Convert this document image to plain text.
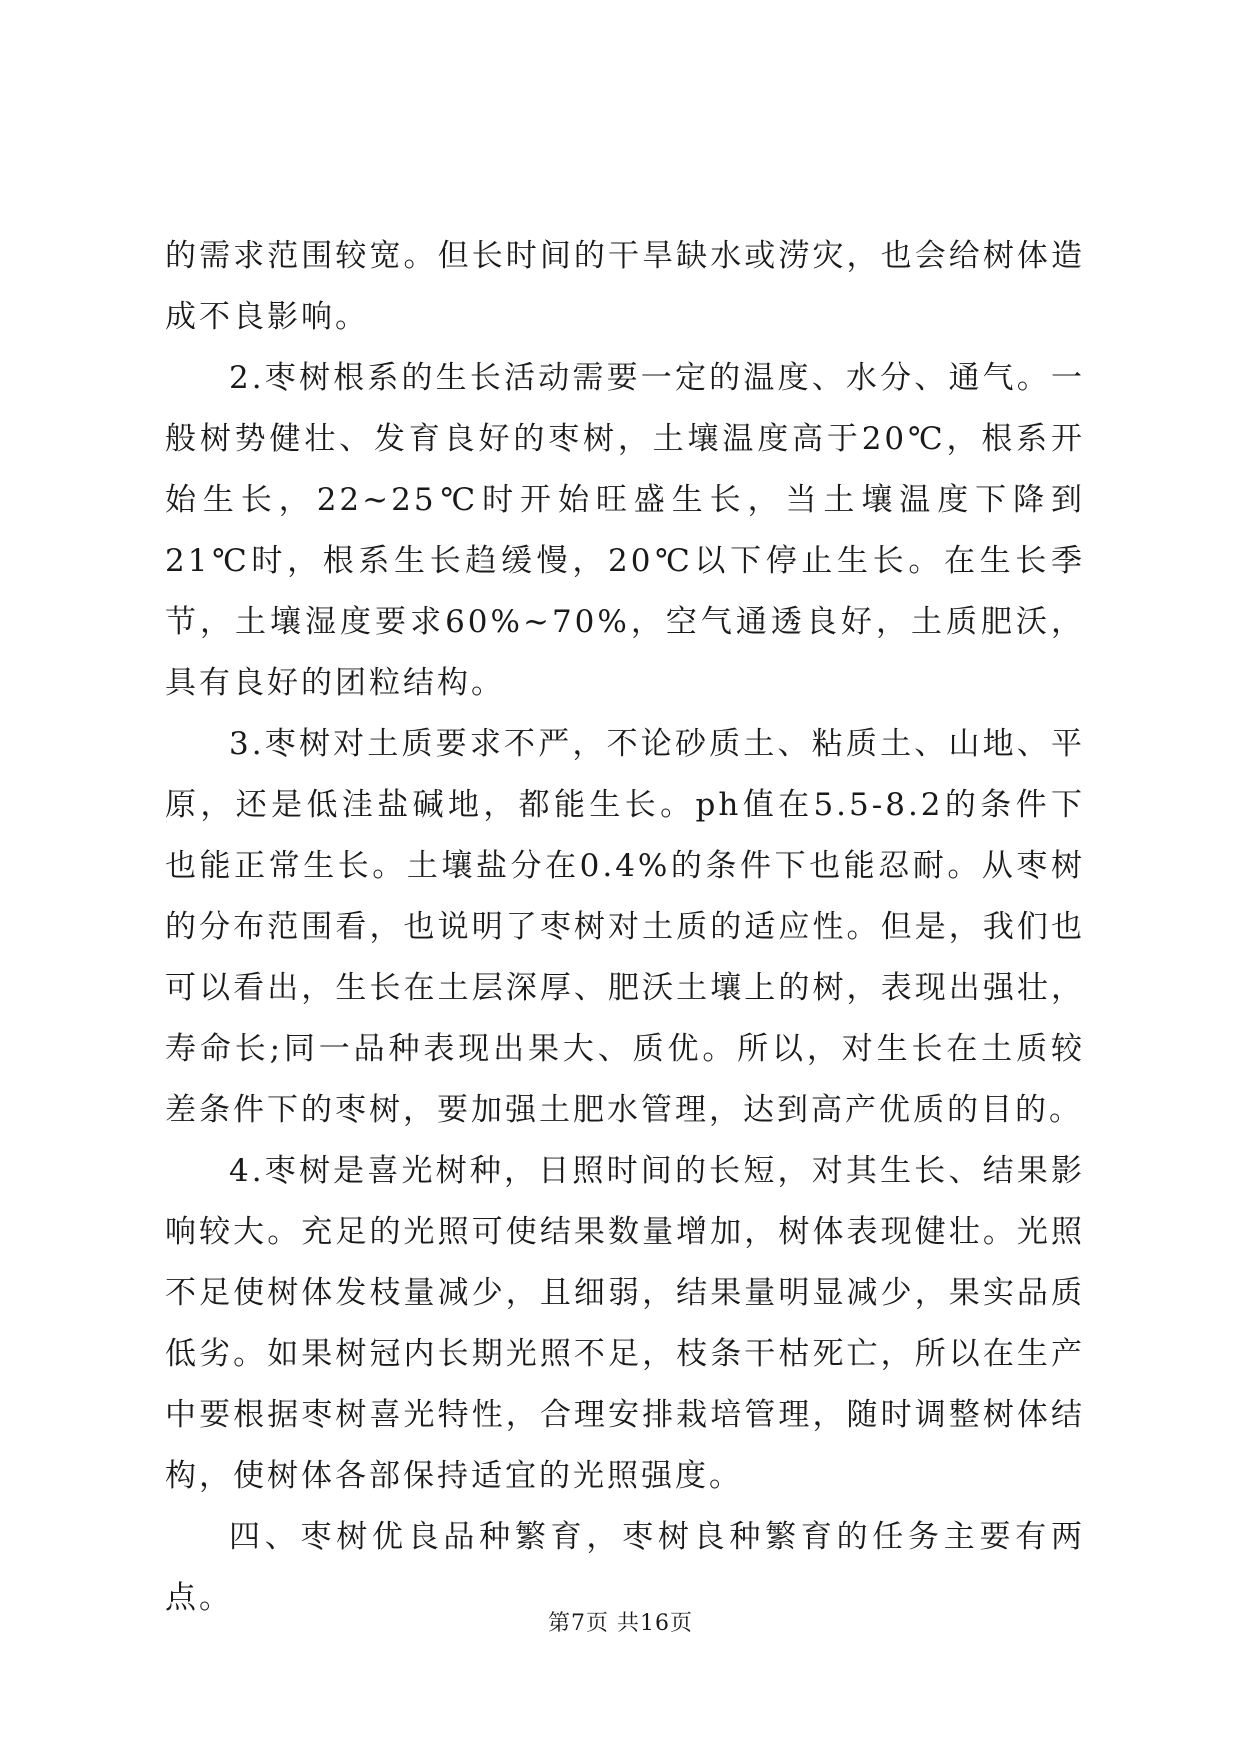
的需求范围较宽。但长时间的干旱缺水或涝灾，也会给树体造成不良影响。

2.枣树根系的生长活动需要一定的温度、水分、通气。一般树势健壮、发育良好的枣树，土壤温度高于20℃，根系开始生长，22~25℃时开始旺盛生长，当土壤温度下降到21℃时，根系生长趋缓慢，20℃以下停止生长。在生长季节，土壤湿度要求60%~70%，空气通透良好，土质肥沃，具有良好的团粒结构。

3.枣树对土质要求不严，不论砂质土、粘质土、山地、平原，还是低洼盐碱地，都能生长。ph值在5.5-8.2的条件下也能正常生长。土壤盐分在0.4%的条件下也能忍耐。从枣树的分布范围看，也说明了枣树对土质的适应性。但是，我们也可以看出，生长在土层深厚、肥沃土壤上的树，表现出强壮，寿命长;同一品种表现出果大、质优。所以，对生长在土质较差条件下的枣树，要加强土肥水管理，达到高产优质的目的。

4.枣树是喜光树种，日照时间的长短，对其生长、结果影响较大。充足的光照可使结果数量增加，树体表现健壮。光照不足使树体发枝量减少，且细弱，结果量明显减少，果实品质低劣。如果树冠内长期光照不足，枝条干枯死亡，所以在生产中要根据枣树喜光特性，合理安排栽培管理，随时调整树体结构，使树体各部保持适宜的光照强度。

四、枣树优良品种繁育，枣树良种繁育的任务主要有两点。

第7页 共16页
